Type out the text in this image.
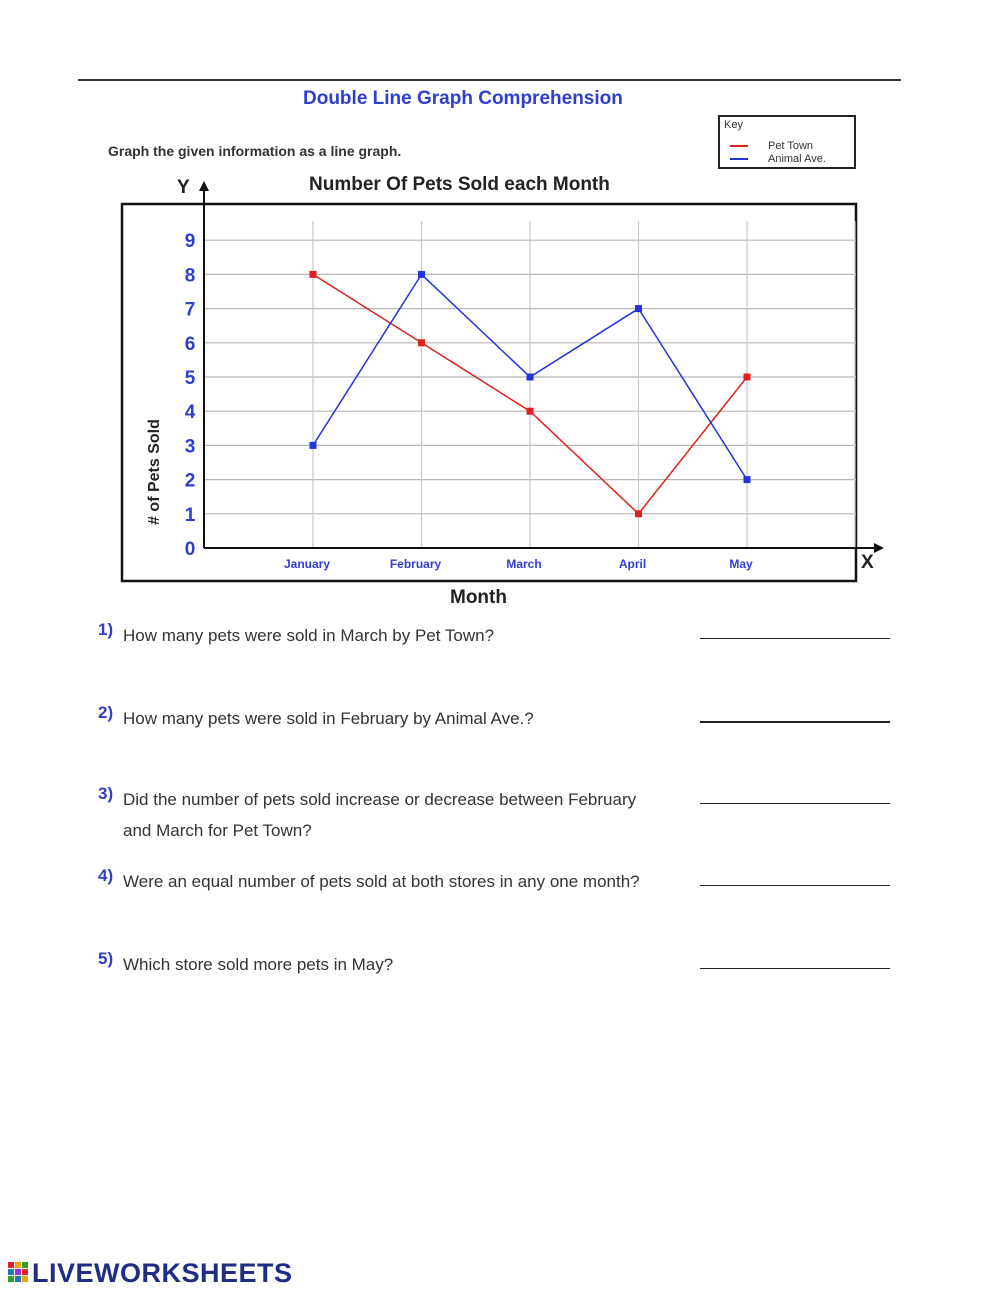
Double Line Graph Comprehension
Graph the given information as a line graph.
Key
Pet Town
Animal Ave.
Number Of Pets Sold each Month
Y
X
Month
# of Pets Sold
0
1
2
3
4
5
6
7
8
9
January	February	March	April	May
1) How many pets were sold in March by Pet Town?
2) How many pets were sold in February by Animal Ave.?
3) Did the number of pets sold increase or decrease between February and March for Pet Town?
4) Were an equal number of pets sold at both stores in any one month?
5) Which store sold more pets in May?
LIVEWORKSHEETS
